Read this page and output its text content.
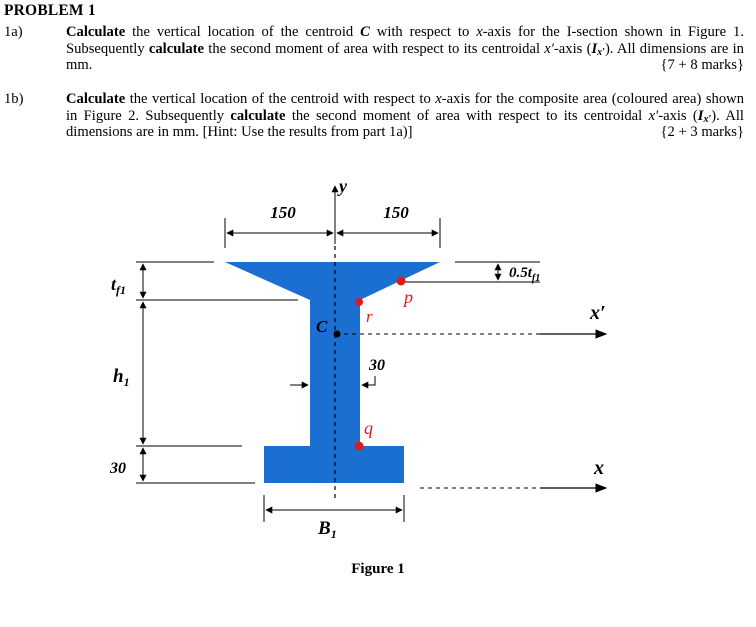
PROBLEM 1
1a)	Calculate the vertical location of the centroid C with respect to x-axis for the I-section shown in Figure 1. Subsequently calculate the second moment of area with respect to its centroidal x′-axis $(I_{x'})$. All dimensions are in mm.	{7 + 8 marks}
1b)	Calculate the vertical location of the centroid with respect to x-axis for the composite area (coloured area) shown in Figure 2. Subsequently calculate the second moment of area with respect to its centroidal x′-axis $(I_{x'})$. All dimensions are in mm. [Hint: Use the results from part 1a)]	{2 + 3 marks}
150	150
y
$t_{f1}$
$h_1$
30
$0.5t_{f1}$
x′
x
C
p
r
q
30
$B_1$
Figure 1
